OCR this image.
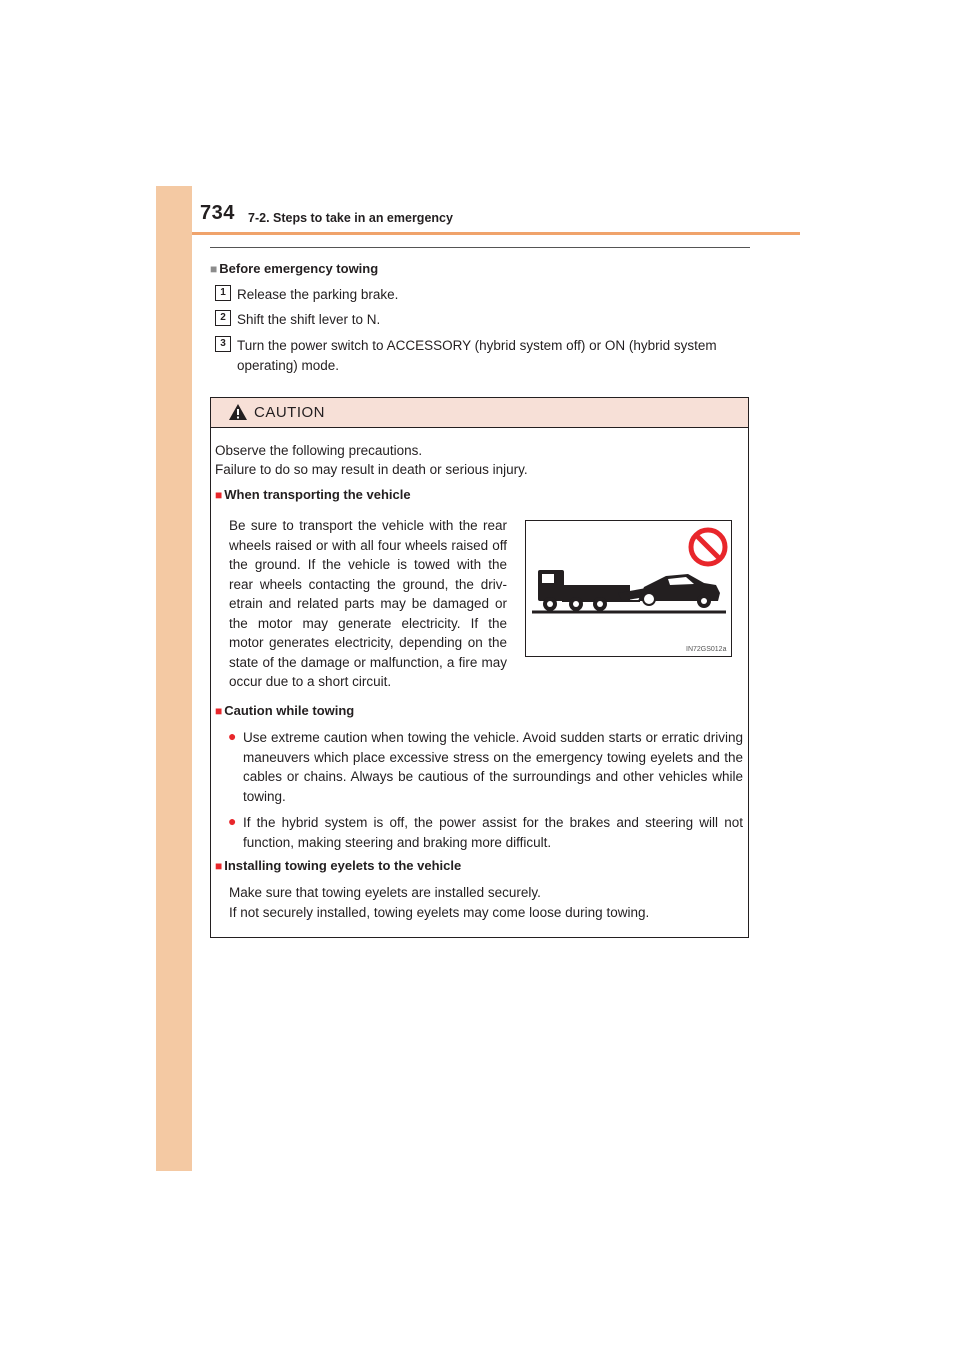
734 7-2. Steps to take in an emergency
■ Before emergency towing
1 Release the parking brake.
2 Shift the shift lever to N.
3 Turn the power switch to ACCESSORY (hybrid system off) or ON (hybrid system operating) mode.
CAUTION
Observe the following precautions.
Failure to do so may result in death or serious injury.
■ When transporting the vehicle
Be sure to transport the vehicle with the rear wheels raised or with all four wheels raised off the ground. If the vehicle is towed with the rear wheels contacting the ground, the driv-etrain and related parts may be damaged or the motor may generate electricity. If the motor generates electricity, depending on the state of the damage or malfunction, a fire may occur due to a short circuit.
IN72GS012a
■ Caution while towing
● Use extreme caution when towing the vehicle. Avoid sudden starts or erratic driving maneuvers which place excessive stress on the emergency towing eyelets and the cables or chains. Always be cautious of the surroundings and other vehicles while towing.
● If the hybrid system is off, the power assist for the brakes and steering will not function, making steering and braking more difficult.
■ Installing towing eyelets to the vehicle
Make sure that towing eyelets are installed securely.
If not securely installed, towing eyelets may come loose during towing.
